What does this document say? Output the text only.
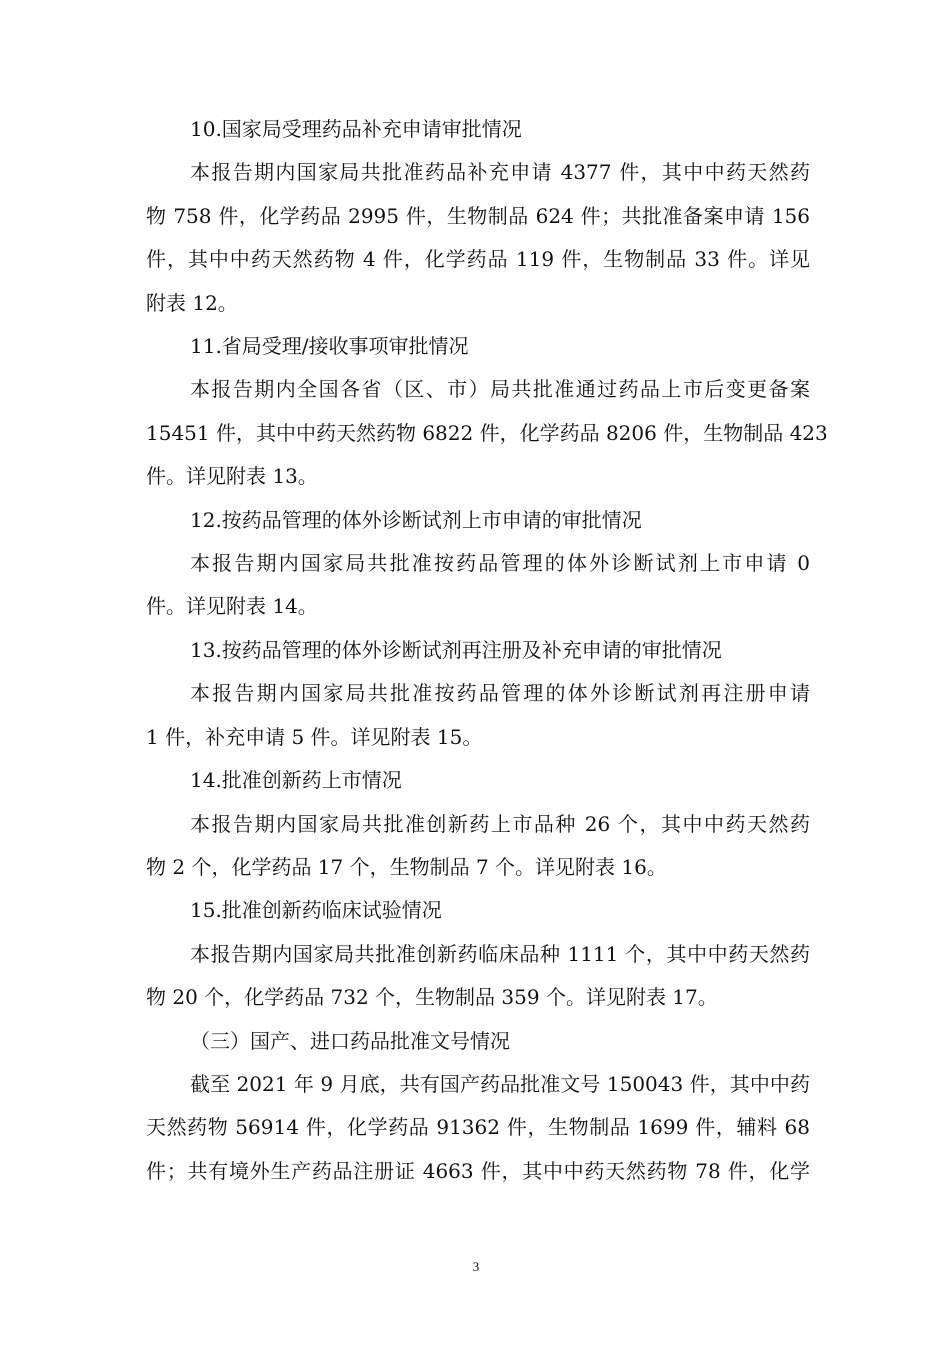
10.国家局受理药品补充申请审批情况
本报告期内国家局共批准药品补充申请 4377 件，其中中药天然药
物 758 件，化学药品 2995 件，生物制品 624 件；共批准备案申请 156
件，其中中药天然药物 4 件，化学药品 119 件，生物制品 33 件。详见
附表 12。
11.省局受理/接收事项审批情况
本报告期内全国各省（区、市）局共批准通过药品上市后变更备案
15451 件，其中中药天然药物 6822 件，化学药品 8206 件，生物制品 423
件。详见附表 13。
12.按药品管理的体外诊断试剂上市申请的审批情况
本报告期内国家局共批准按药品管理的体外诊断试剂上市申请 0
件。详见附表 14。
13.按药品管理的体外诊断试剂再注册及补充申请的审批情况
本报告期内国家局共批准按药品管理的体外诊断试剂再注册申请
1 件，补充申请 5 件。详见附表 15。
14.批准创新药上市情况
本报告期内国家局共批准创新药上市品种 26 个，其中中药天然药
物 2 个，化学药品 17 个，生物制品 7 个。详见附表 16。
15.批准创新药临床试验情况
本报告期内国家局共批准创新药临床品种 1111 个，其中中药天然药
物 20 个，化学药品 732 个，生物制品 359 个。详见附表 17。
（三）国产、进口药品批准文号情况
截至 2021 年 9 月底，共有国产药品批准文号 150043 件，其中中药
天然药物 56914 件，化学药品 91362 件，生物制品 1699 件，辅料 68
件；共有境外生产药品注册证 4663 件，其中中药天然药物 78 件，化学
3
